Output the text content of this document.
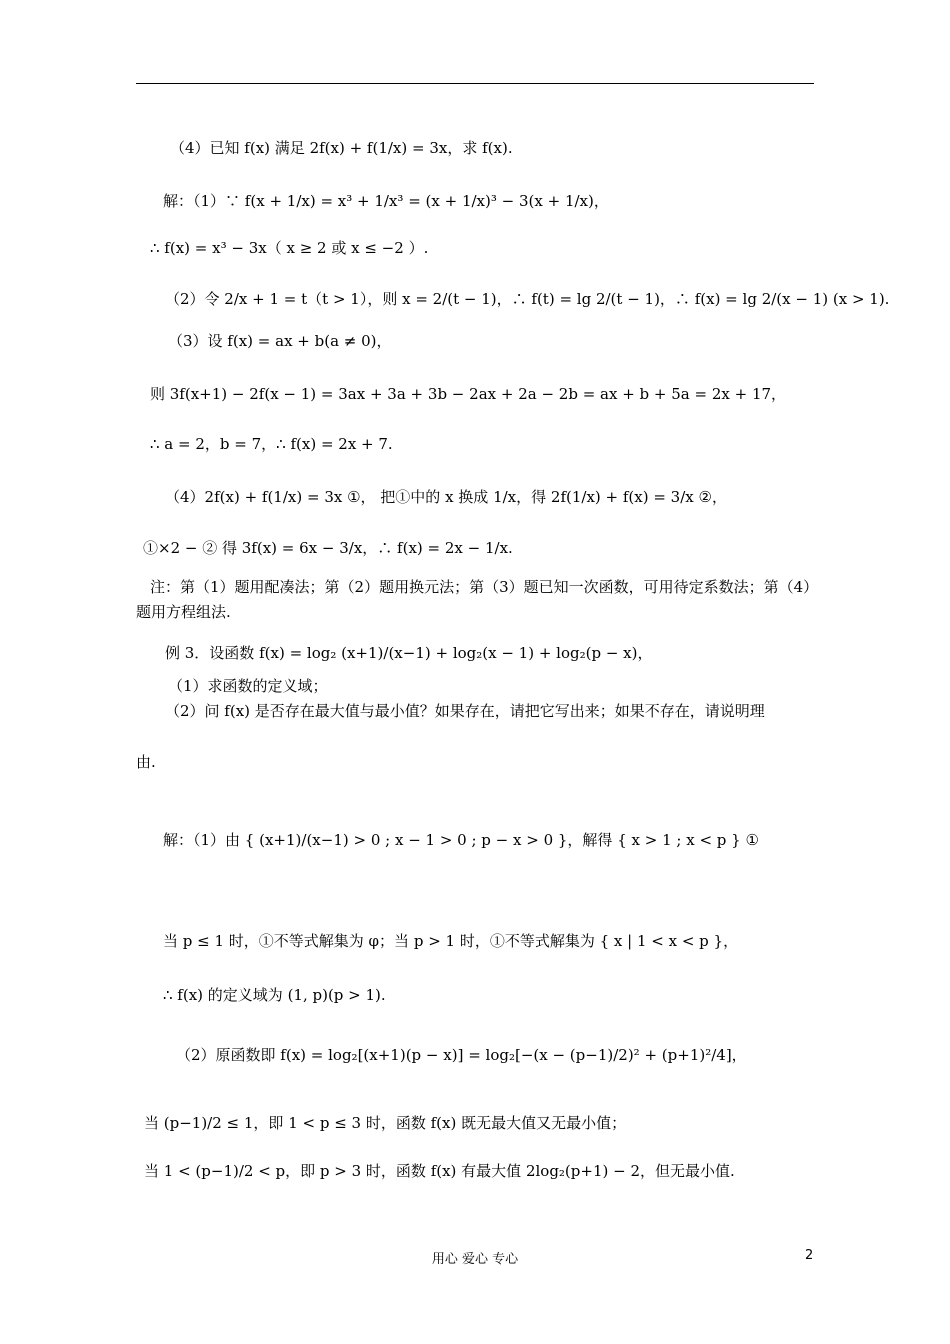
（4）已知 f(x) 满足 2f(x) + f(1/x) = 3x，求 f(x).
解：（1）∵ f(x + 1/x) = x³ + 1/x³ = (x + 1/x)³ − 3(x + 1/x)，
∴ f(x) = x³ − 3x（ x ≥ 2 或 x ≤ −2 ）.
（2）令 2/x + 1 = t（t > 1），则 x = 2/(t − 1)，∴ f(t) = lg 2/(t − 1)，∴ f(x) = lg 2/(x − 1) (x > 1).
（3）设 f(x) = ax + b(a ≠ 0)，
则 3f(x+1) − 2f(x − 1) = 3ax + 3a + 3b − 2ax + 2a − 2b = ax + b + 5a = 2x + 17，
∴ a = 2，b = 7，∴ f(x) = 2x + 7.
（4）2f(x) + f(1/x) = 3x ①， 把①中的 x 换成 1/x，得 2f(1/x) + f(x) = 3/x ②，
①×2 − ② 得 3f(x) = 6x − 3/x，∴ f(x) = 2x − 1/x.
注：第（1）题用配凑法；第（2）题用换元法；第（3）题已知一次函数，可用待定系数法；第（4）
题用方程组法.
例 3．设函数 f(x) = log₂ (x+1)/(x−1) + log₂(x − 1) + log₂(p − x)，
（1）求函数的定义域；
（2）问 f(x) 是否存在最大值与最小值？如果存在，请把它写出来；如果不存在，请说明理
由.
解：（1）由 { (x+1)/(x−1) > 0 ; x − 1 > 0 ; p − x > 0 }，解得 { x > 1 ; x < p } ①
当 p ≤ 1 时，①不等式解集为 φ；当 p > 1 时，①不等式解集为 { x | 1 < x < p }，
∴ f(x) 的定义域为 (1, p)(p > 1).
（2）原函数即 f(x) = log₂[(x+1)(p − x)] = log₂[−(x − (p−1)/2)² + (p+1)²/4]，
当 (p−1)/2 ≤ 1，即 1 < p ≤ 3 时，函数 f(x) 既无最大值又无最小值；
当 1 < (p−1)/2 < p，即 p > 3 时，函数 f(x) 有最大值 2log₂(p+1) − 2，但无最小值.
用心 爱心 专心	2
